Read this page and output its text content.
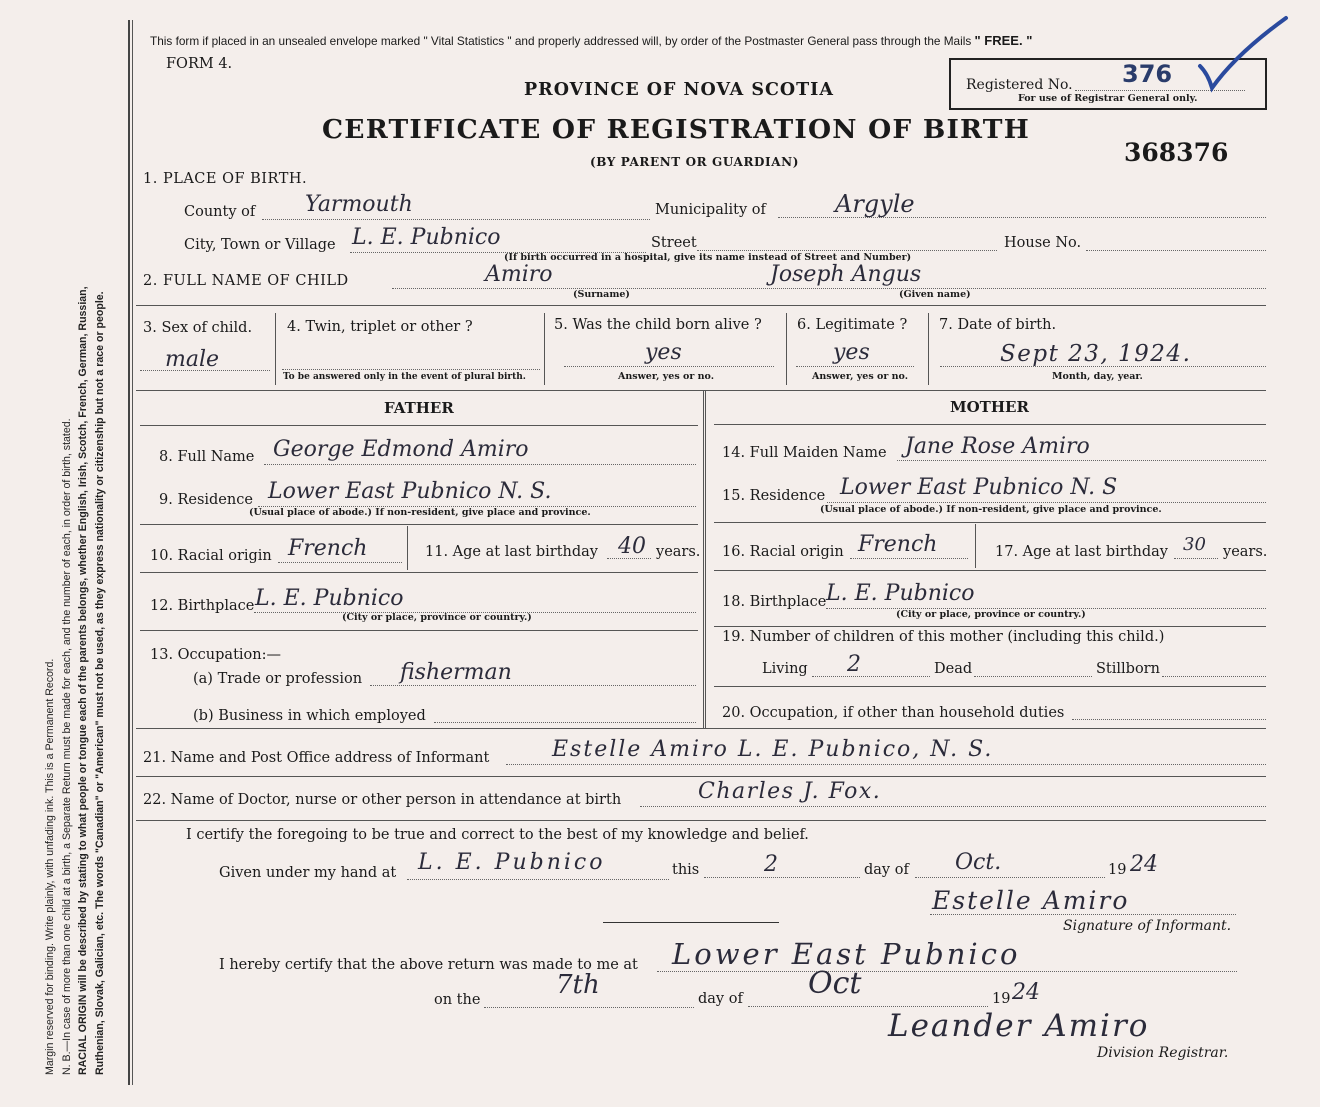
Margin reserved for binding. Write plainly, with unfading ink. This is a Permanent Record. N. B.—In case of more than one child at a birth, a Separate Return must be made for each, and the number of each, in order of birth, stated. RACIAL ORIGIN will be described by stating to what people or tongue each of the parents belongs, whether English, Irish, Scotch, French, German, Russian, Ruthenian, Slovak, Galician, etc. The words "Canadian" or "American" must not be used, as they express nationality or citizenship but not a race or people.
This form if placed in an unsealed envelope marked " Vital Statistics " and properly addressed will, by order of the Postmaster General pass through the Mails " FREE. "
FORM 4.
PROVINCE OF NOVA SCOTIA
CERTIFICATE OF REGISTRATION OF BIRTH
(BY PARENT OR GUARDIAN)
Registered No. 376
For use of Registrar General only.
368376
1. PLACE OF BIRTH.
County of Yarmouth	Municipality of	Argyle
City, Town or Village L. E. Pubnico	Street	House No.
(If birth occurred in a hospital, give its name instead of Street and Number)
2. FULL NAME OF CHILD	Amiro
(Surname)
Joseph Angus
(Given name)
3. Sex of child.
male
4. Twin, triplet or other ?
To be answered only in the event of plural birth.
5. Was the child born alive ?
yes
Answer, yes or no.
6. Legitimate ?
yes
Answer, yes or no.
7. Date of birth.
Sept 23, 1924.
Month, day, year.
FATHER
8. Full Name George Edmond Amiro
9. Residence Lower East Pubnico N. S.
(Usual place of abode.) If non-resident, give place and province.
10. Racial origin French	11. Age at last birthday 40 years.
12. Birthplace L. E. Pubnico
(City or place, province or country.)
13. Occupation:—
(a) Trade or profession fisherman
(b) Business in which employed
MOTHER
14. Full Maiden Name Jane Rose Amiro
15. Residence Lower East Pubnico N. S
(Usual place of abode.) If non-resident, give place and province.
16. Racial origin French	17. Age at last birthday 30 years.
18. Birthplace L. E. Pubnico
(City or place, province or country.)
19. Number of children of this mother (including this child.)
Living 2	Dead	Stillborn
20. Occupation, if other than household duties
21. Name and Post Office address of Informant	Estelle Amiro L. E. Pubnico, N. S.
22. Name of Doctor, nurse or other person in attendance at birth	Charles J. Fox.
I certify the foregoing to be true and correct to the best of my knowledge and belief.
Given under my hand at L. E. Pubnico	this	2	day of Oct.	19 24
Estelle Amiro
Signature of Informant.
I hereby certify that the above return was made to me at Lower East Pubnico
on the	7th	day of Oct	19 24
Leander Amiro
Division Registrar.
